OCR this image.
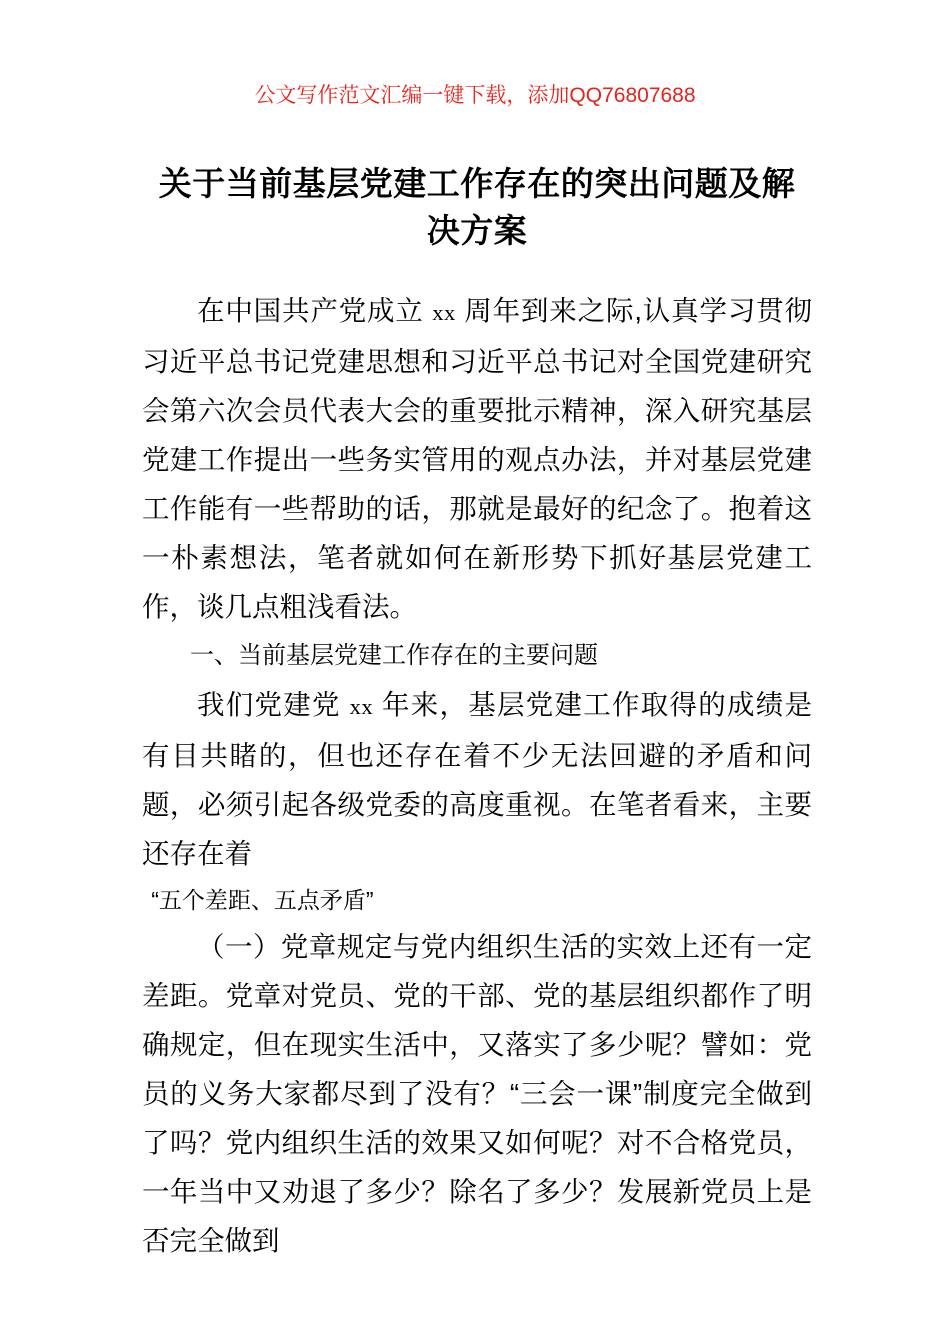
公文写作范文汇编一键下载，添加QQ76807688
关于当前基层党建工作存在的突出问题及解决方案

在中国共产党成立 xx 周年到来之际,认真学习贯彻习近平总书记党建思想和习近平总书记对全国党建研究会第六次会员代表大会的重要批示精神，深入研究基层党建工作提出一些务实管用的观点办法，并对基层党建工作能有一些帮助的话，那就是最好的纪念了。抱着这一朴素想法，笔者就如何在新形势下抓好基层党建工作，谈几点粗浅看法。

一、当前基层党建工作存在的主要问题

我们党建党 xx 年来，基层党建工作取得的成绩是有目共睹的，但也还存在着不少无法回避的矛盾和问题，必须引起各级党委的高度重视。在笔者看来，主要还存在着

“五个差距、五点矛盾”

（一）党章规定与党内组织生活的实效上还有一定差距。党章对党员、党的干部、党的基层组织都作了明确规定，但在现实生活中，又落实了多少呢？譬如：党员的义务大家都尽到了没有？“三会一课”制度完全做到了吗？党内组织生活的效果又如何呢？对不合格党员，一年当中又劝退了多少？除名了多少？发展新党员上是否完全做到
